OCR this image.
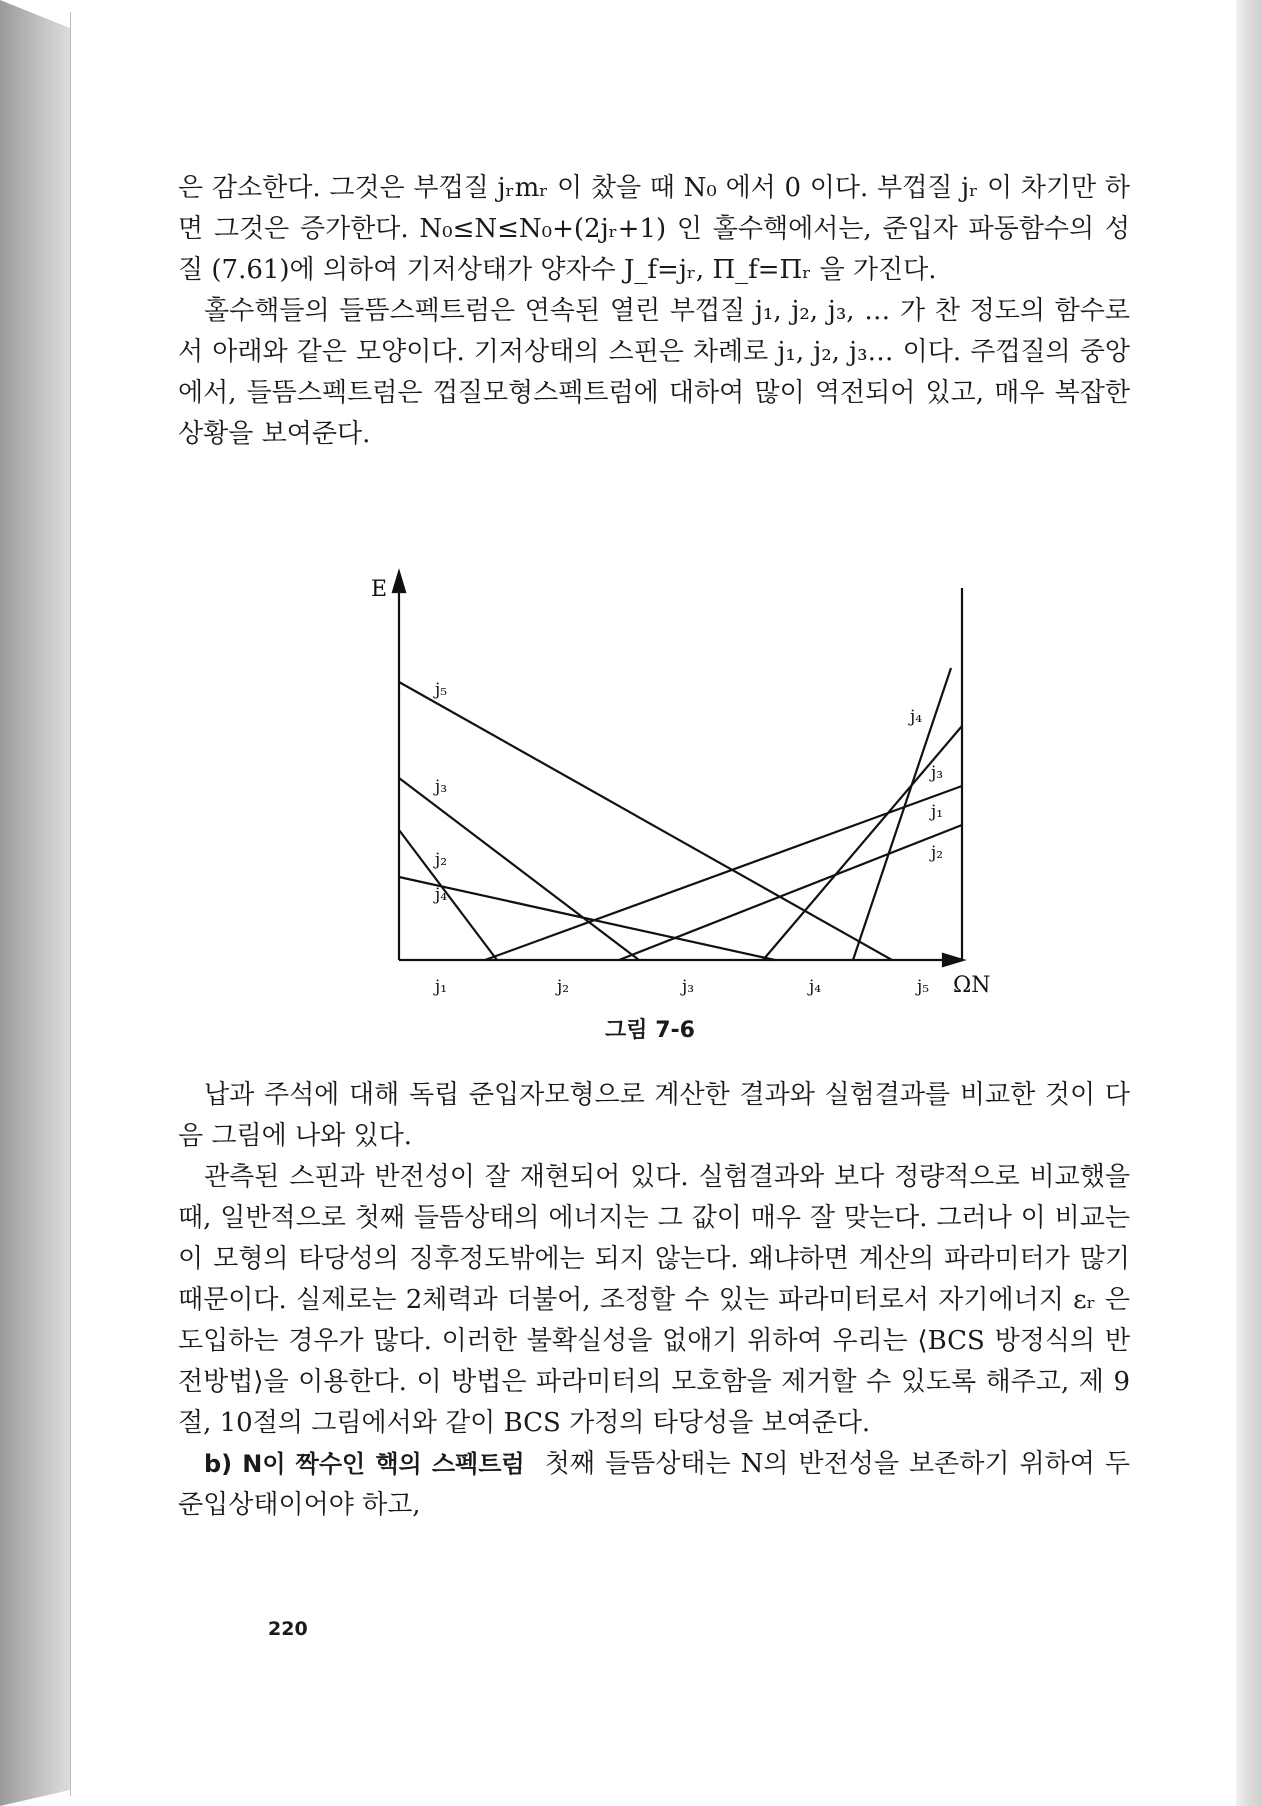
은 감소한다. 그것은 부껍질 jᵣmᵣ 이 찼을 때 N₀ 에서 0 이다. 부껍질 jᵣ 이 차기만 하면 그것은 증가한다. N₀≤N≤N₀+(2jᵣ+1) 인 홀수핵에서는, 준입자 파동함수의 성질 (7.61)에 의하여 기저상태가 양자수 J_f=jᵣ, Π_f=Πᵣ 을 가진다.

홀수핵들의 들뜸스펙트럼은 연속된 열린 부껍질 j₁, j₂, j₃, … 가 찬 정도의 함수로서 아래와 같은 모양이다. 기저상태의 스핀은 차례로 j₁, j₂, j₃… 이다. 주껍질의 중앙에서, 들뜸스펙트럼은 껍질모형스펙트럼에 대하여 많이 역전되어 있고, 매우 복잡한 상황을 보여준다.

E
ΩN
j₁	j₂	j₃	j₄	j₅
j₅
j₃
j₂
j₄
j₄
j₃
j₁
j₂
그림 7-6

납과 주석에 대해 독립 준입자모형으로 계산한 결과와 실험결과를 비교한 것이 다음 그림에 나와 있다.

관측된 스핀과 반전성이 잘 재현되어 있다. 실험결과와 보다 정량적으로 비교했을 때, 일반적으로 첫째 들뜸상태의 에너지는 그 값이 매우 잘 맞는다. 그러나 이 비교는 이 모형의 타당성의 징후정도밖에는 되지 않는다. 왜냐하면 계산의 파라미터가 많기 때문이다. 실제로는 2체력과 더불어, 조정할 수 있는 파라미터로서 자기에너지 εᵣ 은 도입하는 경우가 많다. 이러한 불확실성을 없애기 위하여 우리는 ⟨BCS 방정식의 반전방법⟩을 이용한다. 이 방법은 파라미터의 모호함을 제거할 수 있도록 해주고, 제 9 절, 10절의 그림에서와 같이 BCS 가정의 타당성을 보여준다.

b) N이 짝수인 핵의 스펙트럼 첫째 들뜸상태는 N의 반전성을 보존하기 위하여 두 준입상태이어야 하고,

220
